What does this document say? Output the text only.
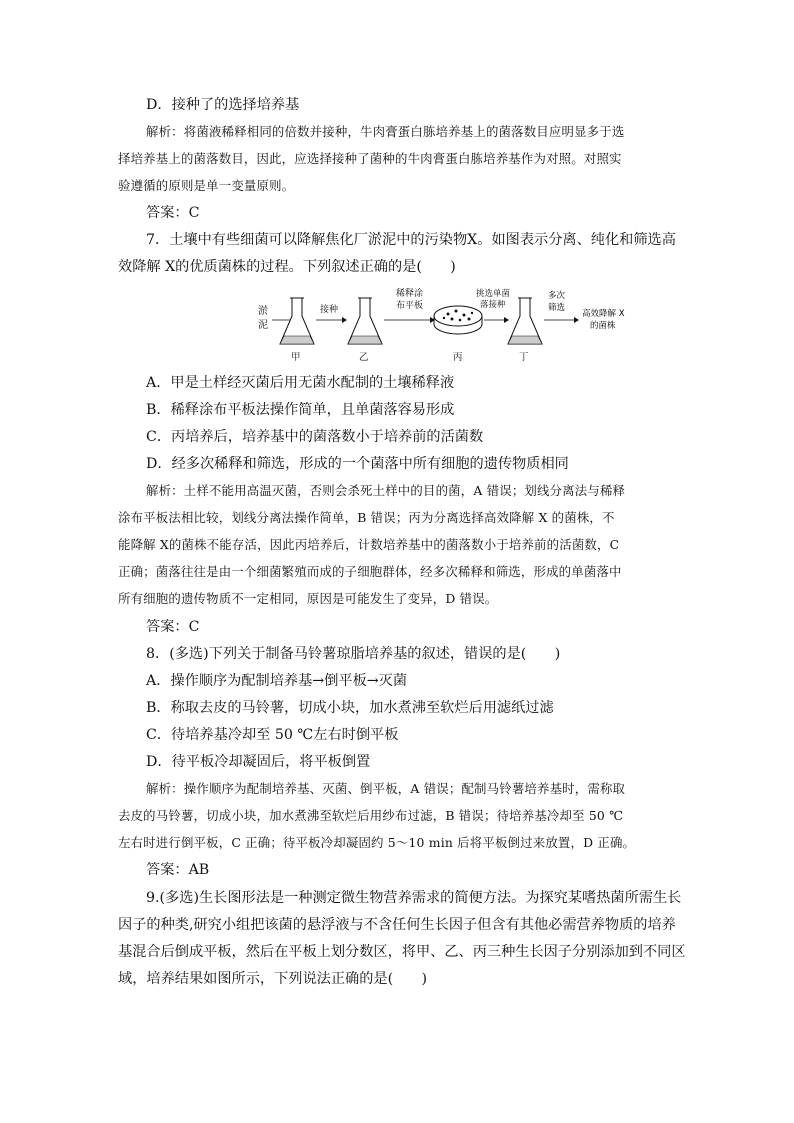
D．接种了的选择培养基
解析：将菌液稀释相同的倍数并接种，牛肉膏蛋白胨培养基上的菌落数目应明显多于选
择培养基上的菌落数目，因此，应选择接种了菌种的牛肉膏蛋白胨培养基作为对照。对照实
验遵循的原则是单一变量原则。
答案：C
7．土壤中有些细菌可以降解焦化厂淤泥中的污染物X。如图表示分离、纯化和筛选高
效降解 X的优质菌株的过程。下列叙述正确的是(　　)
淤
泥
接种
稀释涂
布平板
挑选单菌
落接种
甲	乙	丙	丁
多次
筛选
高效降解 X
的菌株
A．甲是土样经灭菌后用无菌水配制的土壤稀释液
B．稀释涂布平板法操作简单，且单菌落容易形成
C．丙培养后，培养基中的菌落数小于培养前的活菌数
D．经多次稀释和筛选，形成的一个菌落中所有细胞的遗传物质相同
解析：土样不能用高温灭菌，否则会杀死土样中的目的菌，A 错误；划线分离法与稀释
涂布平板法相比较，划线分离法操作简单，B 错误；丙为分离选择高效降解 X 的菌株，不
能降解 X的菌株不能存活，因此丙培养后，计数培养基中的菌落数小于培养前的活菌数，C
正确；菌落往往是由一个细菌繁殖而成的子细胞群体，经多次稀释和筛选，形成的单菌落中
所有细胞的遗传物质不一定相同，原因是可能发生了变异，D 错误。
答案：C
8．(多选)下列关于制备马铃薯琼脂培养基的叙述，错误的是(　　)
A．操作顺序为配制培养基→倒平板→灭菌
B．称取去皮的马铃薯，切成小块，加水煮沸至软烂后用滤纸过滤
C．待培养基冷却至 50 ℃左右时倒平板
D．待平板冷却凝固后，将平板倒置
解析：操作顺序为配制培养基、灭菌、倒平板，A 错误；配制马铃薯培养基时，需称取
去皮的马铃薯，切成小块，加水煮沸至软烂后用纱布过滤，B 错误；待培养基冷却至 50 ℃
左右时进行倒平板，C 正确；待平板冷却凝固约 5～10 min 后将平板倒过来放置，D 正确。
答案：AB
9.(多选)生长图形法是一种测定微生物营养需求的简便方法。为探究某嗜热菌所需生长
因子的种类,研究小组把该菌的悬浮液与不含任何生长因子但含有其他必需营养物质的培养
基混合后倒成平板，然后在平板上划分数区，将甲、乙、丙三种生长因子分别添加到不同区
域，培养结果如图所示，下列说法正确的是(　　)
